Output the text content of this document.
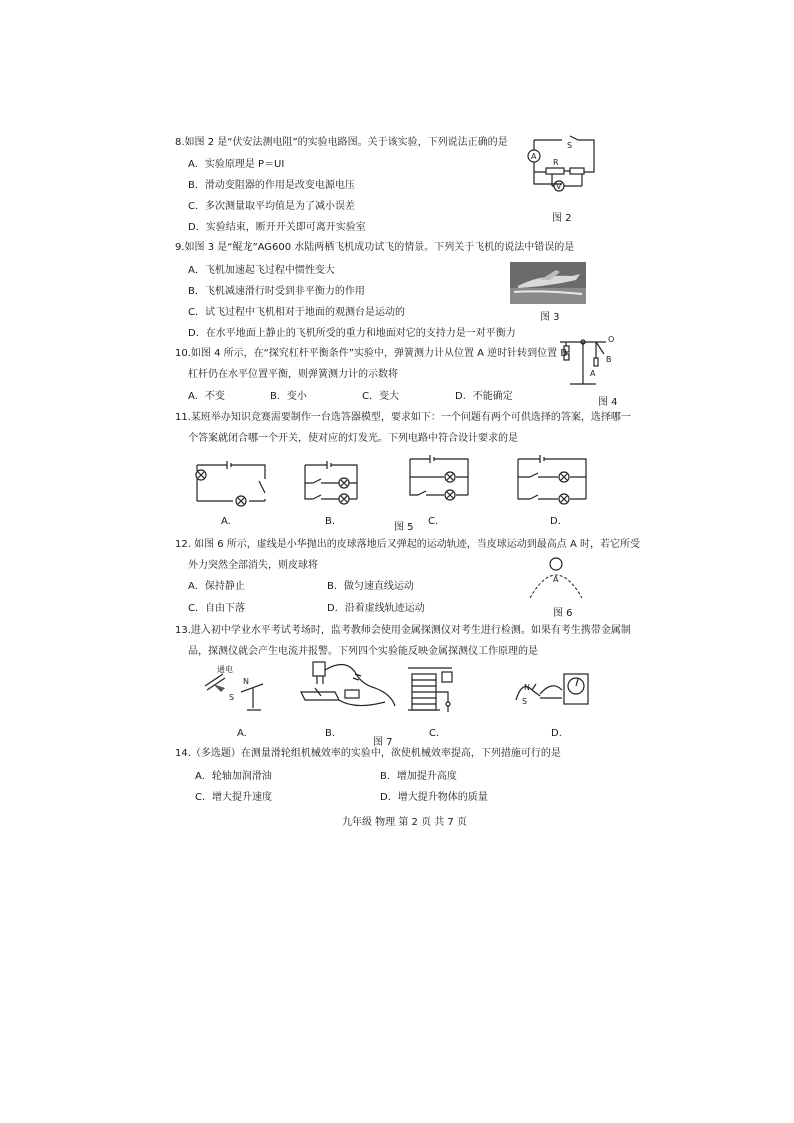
8.如图 2 是“伏安法测电阻”的实验电路图。关于该实验，下列说法正确的是
A．实验原理是 P＝UI
B．滑动变阻器的作用是改变电源电压
C．多次测量取平均值是为了减小误差
D．实验结束，断开开关即可离开实验室
A
S
R
V
图 2
9.如图 3 是“鲲龙”AG600 水陆两栖飞机成功试飞的情景。下列关于飞机的说法中错误的是
A．飞机加速起飞过程中惯性变大
B．飞机减速滑行时受到非平衡力的作用
C．试飞过程中飞机相对于地面的观测台是运动的
D．在水平地面上静止的飞机所受的重力和地面对它的支持力是一对平衡力
图 3
10.如图 4 所示，在“探究杠杆平衡条件”实验中，弹簧测力计从位置 A 逆时针转到位置 B，
杠杆仍在水平位置平衡，则弹簧测力计的示数将
A．不变	B．变小	C．变大	D．不能确定
O
A
B
图 4
11.某班举办知识竞赛需要制作一台选答器模型，要求如下：一个问题有两个可供选择的答案，选择哪一
个答案就闭合哪一个开关，使对应的灯发光。下列电路中符合设计要求的是
A.	B.
图 5
C.	D.
12. 如图 6 所示，虚线是小华抛出的皮球落地后又弹起的运动轨迹，当皮球运动到最高点 A 时，若它所受
外力突然全部消失，则皮球将
A．保持静止	B．做匀速直线运动
C．自由下落	D．沿着虚线轨迹运动
A
图 6
13.进入初中学业水平考试考场时，监考教师会使用金属探测仪对考生进行检测。如果有考生携带金属制
品，探测仪就会产生电流并报警。下列四个实验能反映金属探测仪工作原理的是
通电
N
S
N
S
A.	B.
图 7
C.	D.
14.（多选题）在测量滑轮组机械效率的实验中，欲使机械效率提高，下列措施可行的是
A．轮轴加润滑油	B．增加提升高度
C．增大提升速度	D．增大提升物体的质量
九年级 物理 第 2 页 共 7 页
